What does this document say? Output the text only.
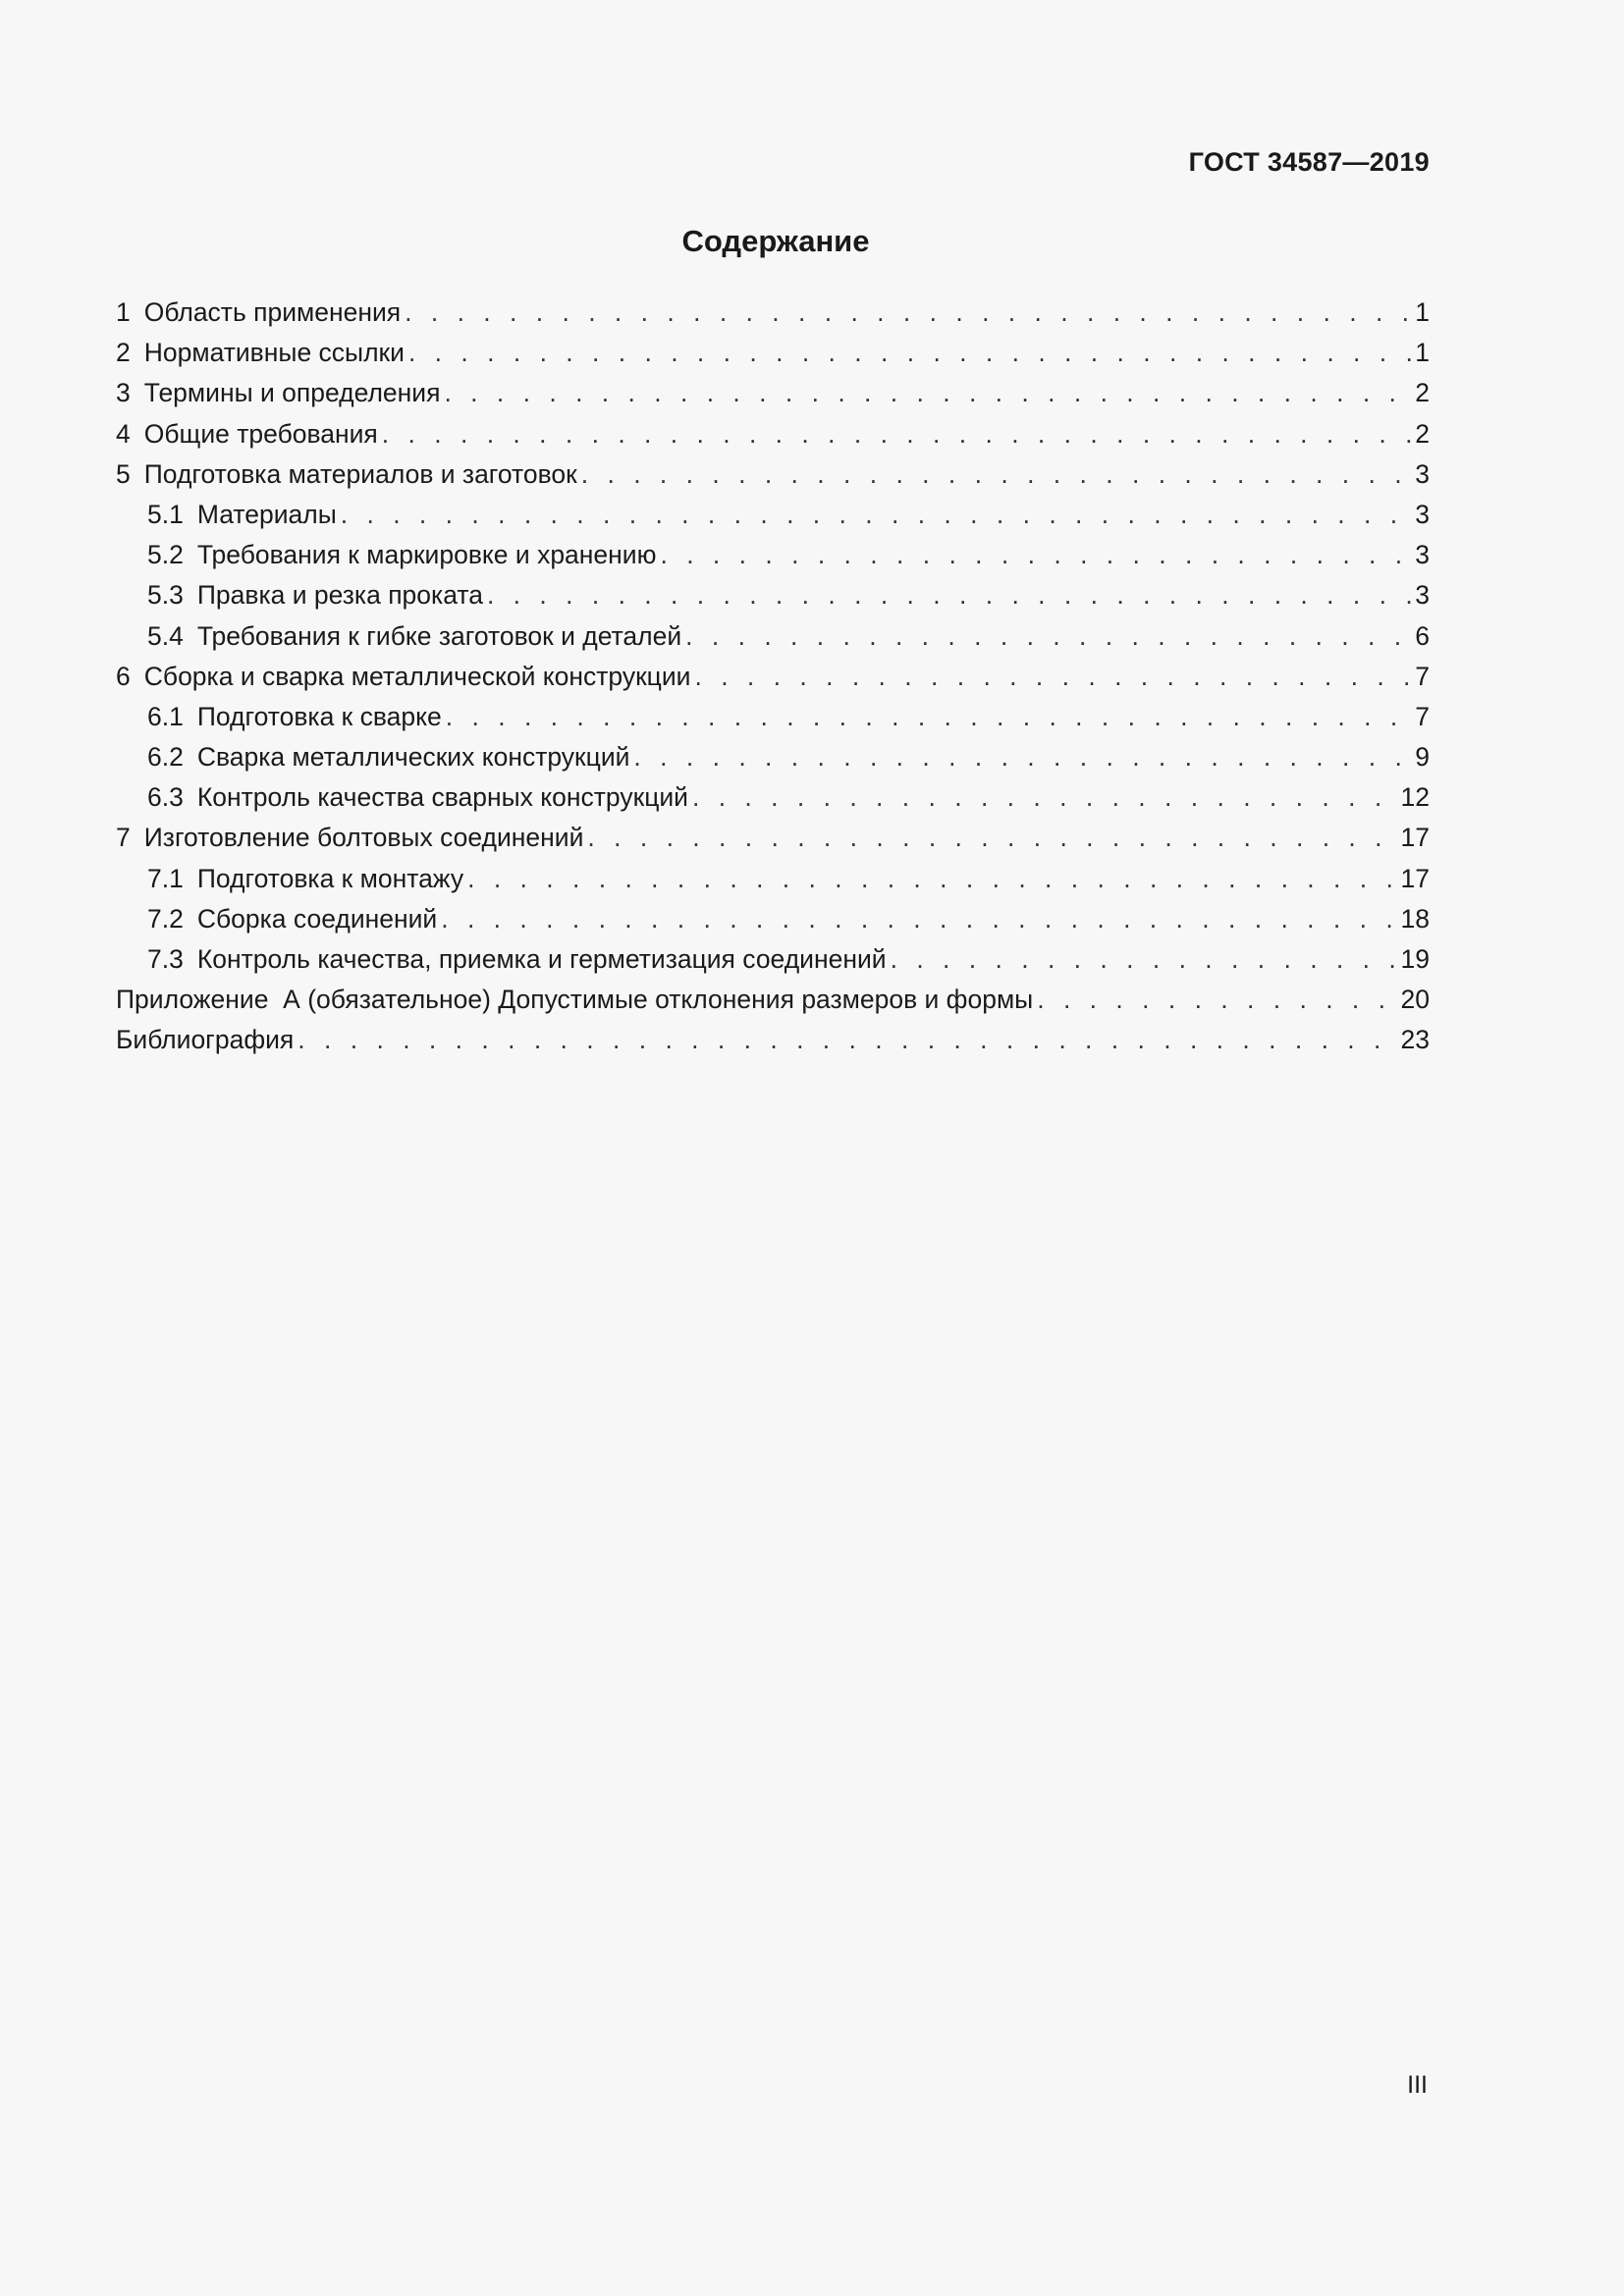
ГОСТ 34587—2019
Содержание
1 Область применения . . .	1
2 Нормативные ссылки . . .	1
3 Термины и определения . . .	2
4 Общие требования . . .	2
5 Подготовка материалов и заготовок . . .	3
5.1 Материалы . . .	3
5.2 Требования к маркировке и хранению . . .	3
5.3 Правка и резка проката . . .	3
5.4 Требования к гибке заготовок и деталей . . .	6
6 Сборка и сварка металлической конструкции . . .	7
6.1 Подготовка к сварке . . .	7
6.2 Сварка металлических конструкций . . .	9
6.3 Контроль качества сварных конструкций . . .	12
7 Изготовление болтовых соединений . . .	17
7.1 Подготовка к монтажу . . .	17
7.2 Сборка соединений . . .	18
7.3 Контроль качества, приемка и герметизация соединений . . .	19
Приложение  А (обязательное) Допустимые отклонения размеров и формы . . .	20
Библиография . . .	23
III
